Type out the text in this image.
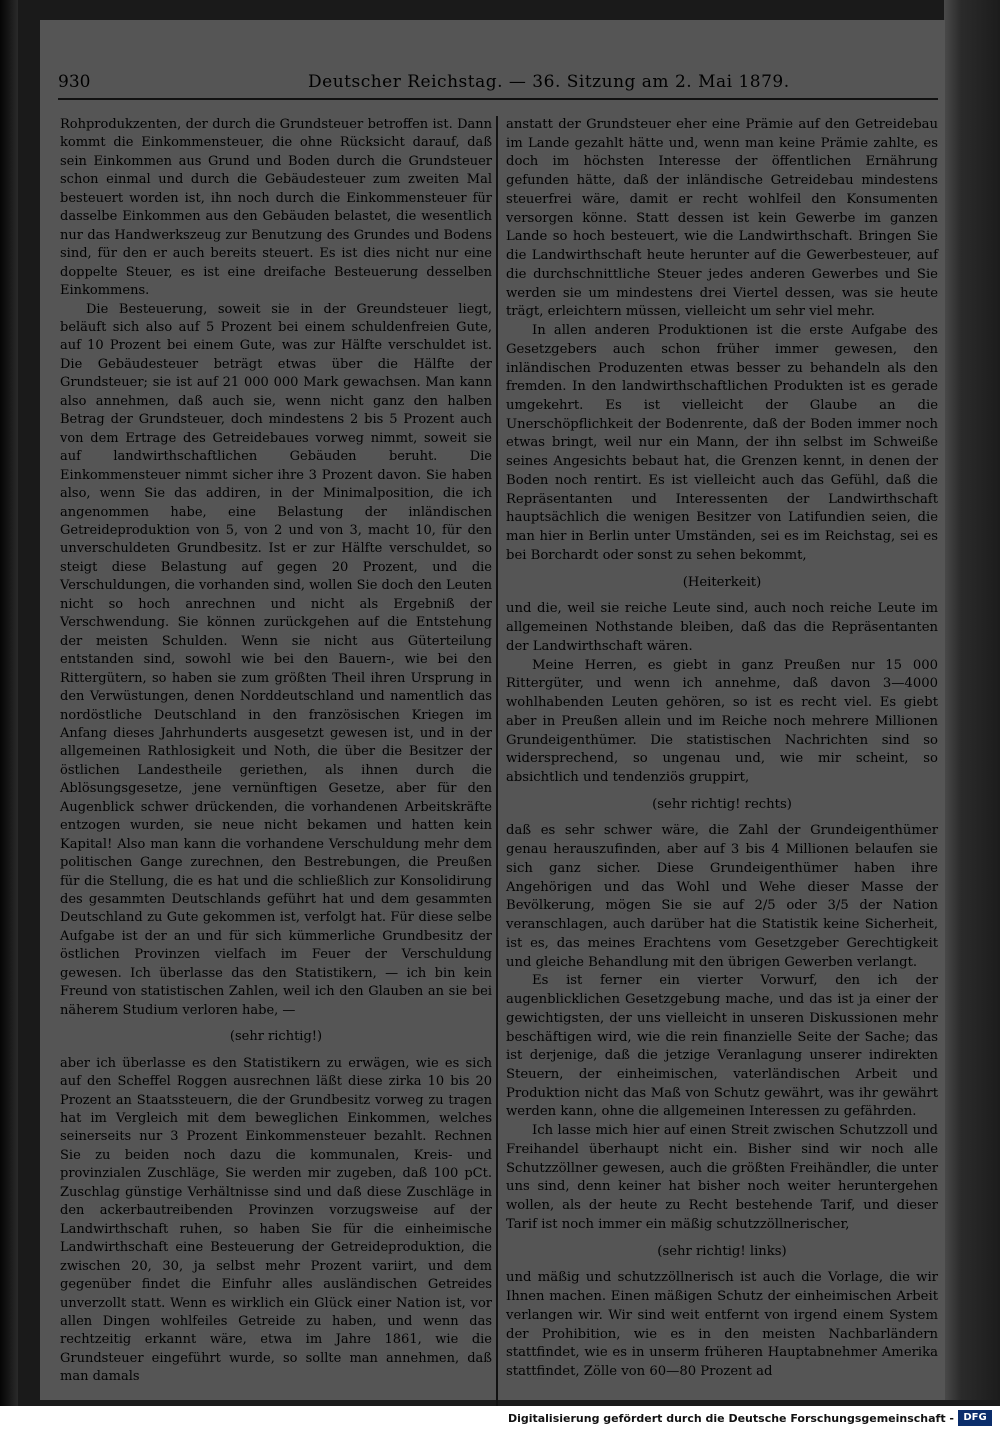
930	Deutscher Reichstag. — 36. Sitzung am 2. Mai 1879.

Rohprodukzenten, der durch die Grundsteuer betroffen ist. Dann kommt die Einkommensteuer, die ohne Rücksicht darauf, daß sein Einkommen aus Grund und Boden durch die Grundsteuer schon einmal und durch die Gebäudesteuer zum zweiten Mal besteuert worden ist, ihn noch durch die Einkommensteuer für dasselbe Einkommen aus den Gebäuden belastet, die wesentlich nur das Handwerkszeug zur Benutzung des Grundes und Bodens sind, für den er auch bereits steuert. Es ist dies nicht nur eine doppelte Steuer, es ist eine dreifache Besteuerung desselben Einkommens.

Die Besteuerung, soweit sie in der Greundsteuer liegt, beläuft sich also auf 5 Prozent bei einem schuldenfreien Gute, auf 10 Prozent bei einem Gute, was zur Hälfte verschuldet ist. Die Gebäudesteuer beträgt etwas über die Hälfte der Grundsteuer; sie ist auf 21 000 000 Mark gewachsen. Man kann also annehmen, daß auch sie, wenn nicht ganz den halben Betrag der Grundsteuer, doch mindestens 2 bis 5 Prozent auch von dem Ertrage des Getreidebaues vorweg nimmt, soweit sie auf landwirthschaftlichen Gebäuden beruht. Die Einkommensteuer nimmt sicher ihre 3 Prozent davon. Sie haben also, wenn Sie das addiren, in der Minimalposition, die ich angenommen habe, eine Belastung der inländischen Getreideproduktion von 5, von 2 und von 3, macht 10, für den unverschuldeten Grundbesitz. Ist er zur Hälfte verschuldet, so steigt diese Belastung auf gegen 20 Prozent, und die Verschuldungen, die vorhanden sind, wollen Sie doch den Leuten nicht so hoch anrechnen und nicht als Ergebniß der Verschwendung. Sie können zurückgehen auf die Entstehung der meisten Schulden. Wenn sie nicht aus Güterteilung entstanden sind, sowohl wie bei den Bauern-, wie bei den Rittergütern, so haben sie zum größten Theil ihren Ursprung in den Verwüstungen, denen Norddeutschland und namentlich das nordöstliche Deutschland in den französischen Kriegen im Anfang dieses Jahrhunderts ausgesetzt gewesen ist, und in der allgemeinen Rathlosigkeit und Noth, die über die Besitzer der östlichen Landestheile geriethen, als ihnen durch die Ablösungsgesetze, jene vernünftigen Gesetze, aber für den Augenblick schwer drückenden, die vorhandenen Arbeitskräfte entzogen wurden, sie neue nicht bekamen und hatten kein Kapital! Also man kann die vorhandene Verschuldung mehr dem politischen Gange zurechnen, den Bestrebungen, die Preußen für die Stellung, die es hat und die schließlich zur Konsolidirung des gesammten Deutschlands geführt hat und dem gesammten Deutschland zu Gute gekommen ist, verfolgt hat. Für diese selbe Aufgabe ist der an und für sich kümmerliche Grundbesitz der östlichen Provinzen vielfach im Feuer der Verschuldung gewesen. Ich überlasse das den Statistikern, — ich bin kein Freund von statistischen Zahlen, weil ich den Glauben an sie bei näherem Studium verloren habe, —

(sehr richtig!)

aber ich überlasse es den Statistikern zu erwägen, wie es sich auf den Scheffel Roggen ausrechnen läßt diese zirka 10 bis 20 Prozent an Staatssteuern, die der Grundbesitz vorweg zu tragen hat im Vergleich mit dem beweglichen Einkommen, welches seinerseits nur 3 Prozent Einkommensteuer bezahlt. Rechnen Sie zu beiden noch dazu die kommunalen, Kreis- und provinzialen Zuschläge, Sie werden mir zugeben, daß 100 pCt. Zuschlag günstige Verhältnisse sind und daß diese Zuschläge in den ackerbautreibenden Provinzen vorzugsweise auf der Landwirthschaft ruhen, so haben Sie für die einheimische Landwirthschaft eine Besteuerung der Getreideproduktion, die zwischen 20, 30, ja selbst mehr Prozent variirt, und dem gegenüber findet die Einfuhr alles ausländischen Getreides unverzollt statt. Wenn es wirklich ein Glück einer Nation ist, vor allen Dingen wohlfeiles Getreide zu haben, und wenn das rechtzeitig erkannt wäre, etwa im Jahre 1861, wie die Grundsteuer eingeführt wurde, so sollte man annehmen, daß man damals

anstatt der Grundsteuer eher eine Prämie auf den Getreidebau im Lande gezahlt hätte und, wenn man keine Prämie zahlte, es doch im höchsten Interesse der öffentlichen Ernährung gefunden hätte, daß der inländische Getreidebau mindestens steuerfrei wäre, damit er recht wohlfeil den Konsumenten versorgen könne. Statt dessen ist kein Gewerbe im ganzen Lande so hoch besteuert, wie die Landwirthschaft. Bringen Sie die Landwirthschaft heute herunter auf die Gewerbesteuer, auf die durchschnittliche Steuer jedes anderen Gewerbes und Sie werden sie um mindestens drei Viertel dessen, was sie heute trägt, erleichtern müssen, vielleicht um sehr viel mehr.

In allen anderen Produktionen ist die erste Aufgabe des Gesetzgebers auch schon früher immer gewesen, den inländischen Produzenten etwas besser zu behandeln als den fremden. In den landwirthschaftlichen Produkten ist es gerade umgekehrt. Es ist vielleicht der Glaube an die Unerschöpflichkeit der Bodenrente, daß der Boden immer noch etwas bringt, weil nur ein Mann, der ihn selbst im Schweiße seines Angesichts bebaut hat, die Grenzen kennt, in denen der Boden noch rentirt. Es ist vielleicht auch das Gefühl, daß die Repräsentanten und Interessenten der Landwirthschaft hauptsächlich die wenigen Besitzer von Latifundien seien, die man hier in Berlin unter Umständen, sei es im Reichstag, sei es bei Borchardt oder sonst zu sehen bekommt,

(Heiterkeit)

und die, weil sie reiche Leute sind, auch noch reiche Leute im allgemeinen Nothstande bleiben, daß das die Repräsentanten der Landwirthschaft wären.

Meine Herren, es giebt in ganz Preußen nur 15 000 Rittergüter, und wenn ich annehme, daß davon 3—4000 wohlhabenden Leuten gehören, so ist es recht viel. Es giebt aber in Preußen allein und im Reiche noch mehrere Millionen Grundeigenthümer. Die statistischen Nachrichten sind so widersprechend, so ungenau und, wie mir scheint, so absichtlich und tendenziös gruppirt,

(sehr richtig! rechts)

daß es sehr schwer wäre, die Zahl der Grundeigenthümer genau herauszufinden, aber auf 3 bis 4 Millionen belaufen sie sich ganz sicher. Diese Grundeigenthümer haben ihre Angehörigen und das Wohl und Wehe dieser Masse der Bevölkerung, mögen Sie sie auf 2/5 oder 3/5 der Nation veranschlagen, auch darüber hat die Statistik keine Sicherheit, ist es, das meines Erachtens vom Gesetzgeber Gerechtigkeit und gleiche Behandlung mit den übrigen Gewerben verlangt.

Es ist ferner ein vierter Vorwurf, den ich der augenblicklichen Gesetzgebung mache, und das ist ja einer der gewichtigsten, der uns vielleicht in unseren Diskussionen mehr beschäftigen wird, wie die rein finanzielle Seite der Sache; das ist derjenige, daß die jetzige Veranlagung unserer indirekten Steuern, der einheimischen, vaterländischen Arbeit und Produktion nicht das Maß von Schutz gewährt, was ihr gewährt werden kann, ohne die allgemeinen Interessen zu gefährden.

Ich lasse mich hier auf einen Streit zwischen Schutzzoll und Freihandel überhaupt nicht ein. Bisher sind wir noch alle Schutzzöllner gewesen, auch die größten Freihändler, die unter uns sind, denn keiner hat bisher noch weiter heruntergehen wollen, als der heute zu Recht bestehende Tarif, und dieser Tarif ist noch immer ein mäßig schutzzöllnerischer,

(sehr richtig! links)

und mäßig und schutzzöllnerisch ist auch die Vorlage, die wir Ihnen machen. Einen mäßigen Schutz der einheimischen Arbeit verlangen wir. Wir sind weit entfernt von irgend einem System der Prohibition, wie es in den meisten Nachbarländern stattfindet, wie es in unserm früheren Hauptabnehmer Amerika stattfindet, Zölle von 60—80 Prozent ad

Digitalisierung gefördert durch die Deutsche Forschungsgemeinschaft - DFG
